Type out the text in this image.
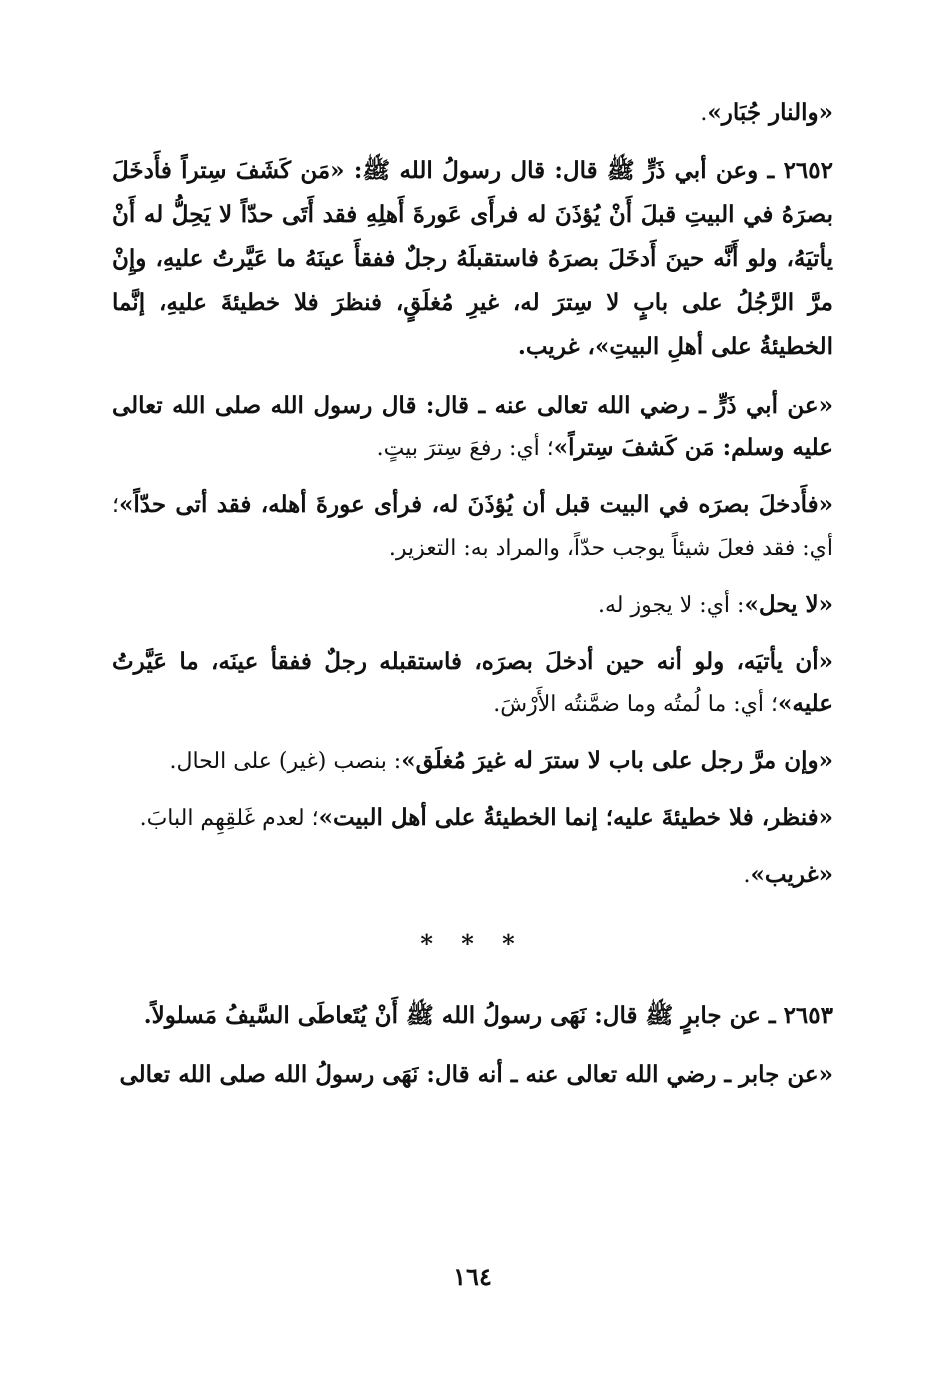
«والنار جُبَار».

٢٦٥٢ ـ وعن أبي ذَرٍّ ﷺ قال: قال رسولُ الله ﷺ: «مَن كَشَفَ سِتراً فأَدخَلَ بصرَهُ في البيتِ قبلَ أَنْ يُؤذَنَ له فرأَى عَورةَ أَهلِهِ فقد أَتَى حدّاً لا يَحِلُّ له أَنْ يأتيَهُ، ولو أَنَّه حينَ أَدخَلَ بصرَهُ فاستقبلَهُ رجلٌ ففقأَ عينَهُ ما عَيَّرتُ عليهِ، وإِنْ مرَّ الرَّجُلُ على بابٍ لا سِترَ له، غيرِ مُغلَقٍ، فنظرَ فلا خطيئةَ عليهِ، إنَّما الخطيئةُ على أهلِ البيتِ»، غريب.

«عن أبي ذَرٍّ ـ رضي الله تعالى عنه ـ قال: قال رسول الله صلى الله تعالى عليه وسلم: مَن كَشفَ سِتراً»؛ أي: رفعَ سِترَ بيتٍ.

«فأَدخلَ بصرَه في البيت قبل أن يُؤذَنَ له، فرأى عورةَ أهله، فقد أتى حدّاً»؛ أي: فقد فعلَ شيئاً يوجب حدّاً، والمراد به: التعزير.

«لا يحل»: أي: لا يجوز له.

«أن يأتيَه، ولو أنه حين أدخلَ بصرَه، فاستقبله رجلٌ ففقأ عينَه، ما عَيَّرتُ عليه»؛ أي: ما لُمتُه وما ضمَّنتُه الأَرْشَ.

«وإن مرَّ رجل على باب لا سترَ له غيرَ مُغلَق»: بنصب (غير) على الحال.

«فنظر، فلا خطيئةَ عليه؛ إنما الخطيئةُ على أهل البيت»؛ لعدم غَلقِهِم البابَ.

«غريب».

* * *

٢٦٥٣ ـ عن جابرٍ ﷺ قال: نَهَى رسولُ الله ﷺ أَنْ يُتَعاطَى السَّيفُ مَسلولاً.

«عن جابر ـ رضي الله تعالى عنه ـ أنه قال: نَهَى رسولُ الله صلى الله تعالى

١٦٤
